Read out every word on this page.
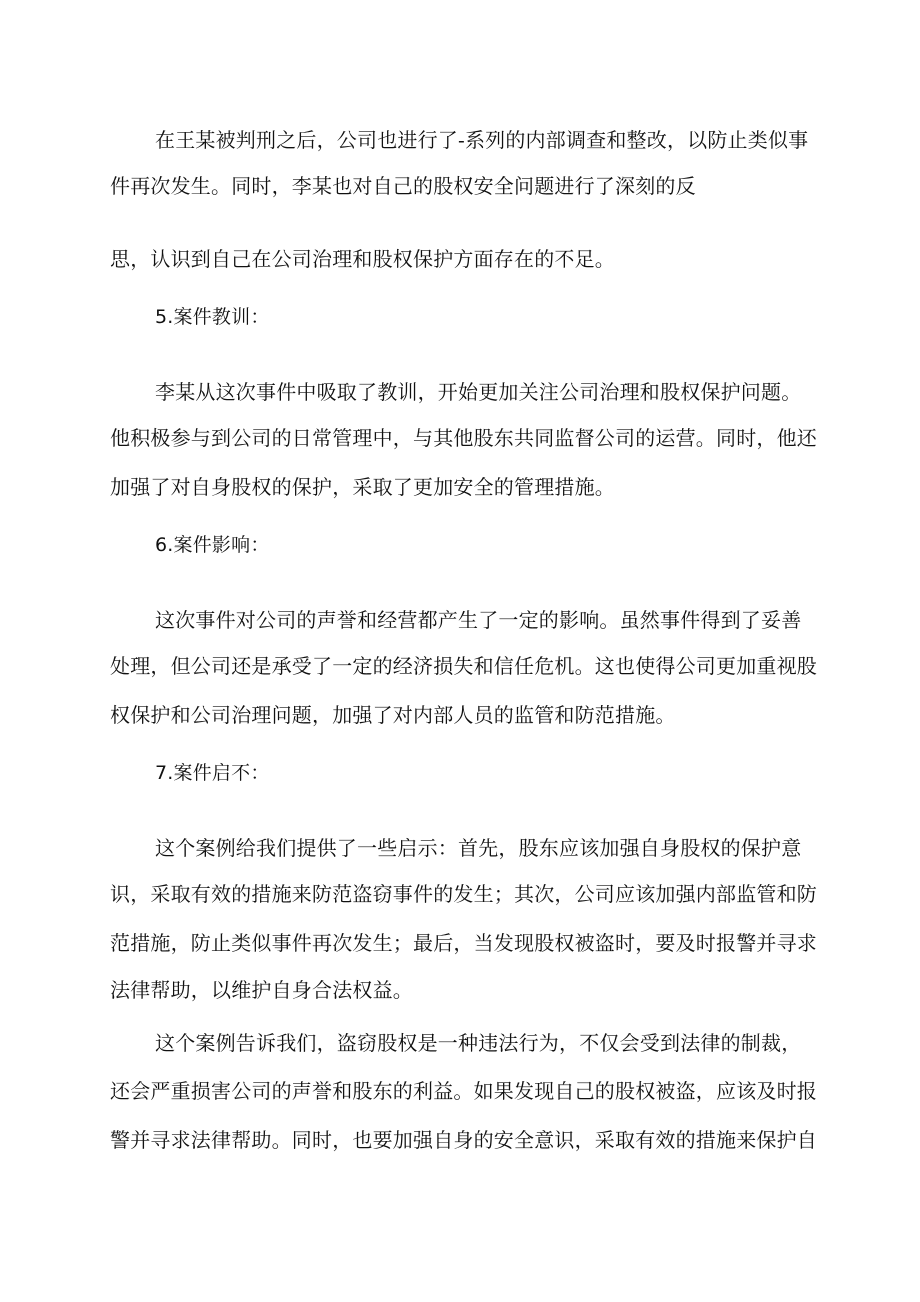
在王某被判刑之后，公司也进行了-系列的内部调查和整改，以防止类似事
件再次发生。同时，李某也对自己的股权安全问题进行了深刻的反
思，认识到自己在公司治理和股权保护方面存在的不足。
5.案件教训：
李某从这次事件中吸取了教训，开始更加关注公司治理和股权保护问题。
他积极参与到公司的日常管理中，与其他股东共同监督公司的运营。同时，他还
加强了对自身股权的保护，采取了更加安全的管理措施。
6.案件影响：
这次事件对公司的声誉和经营都产生了一定的影响。虽然事件得到了妥善
处理，但公司还是承受了一定的经济损失和信任危机。这也使得公司更加重视股
权保护和公司治理问题，加强了对内部人员的监管和防范措施。
7.案件启不：
这个案例给我们提供了一些启示：首先，股东应该加强自身股权的保护意
识，采取有效的措施来防范盗窃事件的发生；其次，公司应该加强内部监管和防
范措施，防止类似事件再次发生；最后，当发现股权被盗时，要及时报警并寻求
法律帮助，以维护自身合法权益。
这个案例告诉我们，盗窃股权是一种违法行为，不仅会受到法律的制裁，
还会严重损害公司的声誉和股东的利益。如果发现自己的股权被盗，应该及时报
警并寻求法律帮助。同时，也要加强自身的安全意识，采取有效的措施来保护自
